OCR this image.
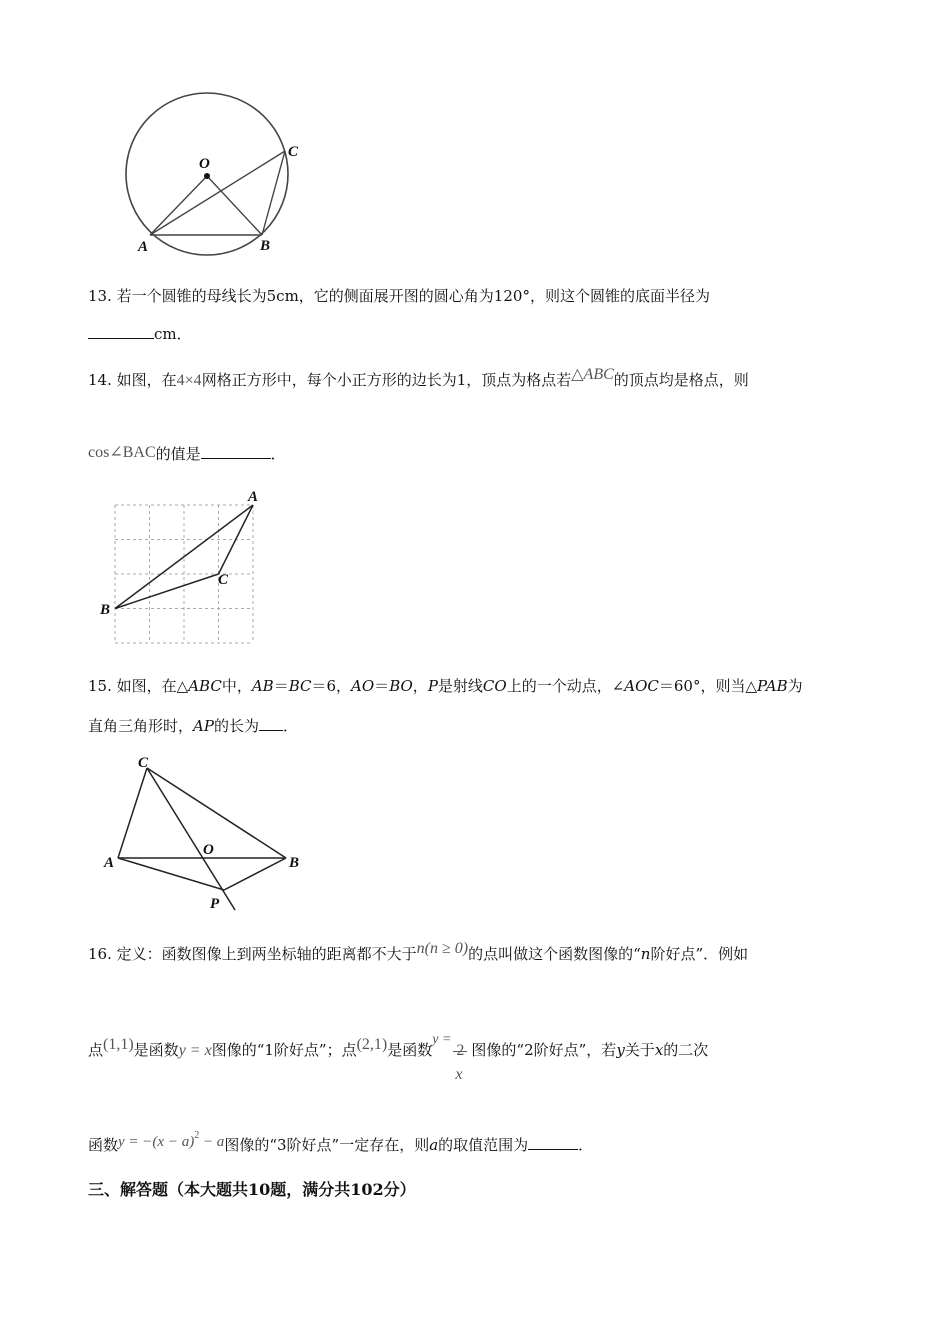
O
A	B
C
13. 若一个圆锥的母线长为5cm，它的侧面展开图的圆心角为120°，则这个圆锥的底面半径为
cm．
14. 如图，在4×4网格正方形中，每个小正方形的边长为1，顶点为格点若△ABC的顶点均是格点，则
cos∠BAC的值是	．
A
B
C
15. 如图，在△ABC中，AB＝BC＝6，AO＝BO，P是射线CO上的一个动点，∠AOC＝60°，则当△PAB为
直角三角形时，AP的长为 ．
C
A	B
O
P
16. 定义：函数图像上到两坐标轴的距离都不大于n(n ≥ 0)的点叫做这个函数图像的“n阶好点”．例如
点(1,1)是函数y = x图像的“1阶好点”；点(2,1)是函数y =
2
x
图像的“2阶好点”，若y关于x的二次
函数$y = -(x - a)^2 - a$图像的“3阶好点”一定存在，则a的取值范围为	．
三、解答题（本大题共10题，满分共102分）
